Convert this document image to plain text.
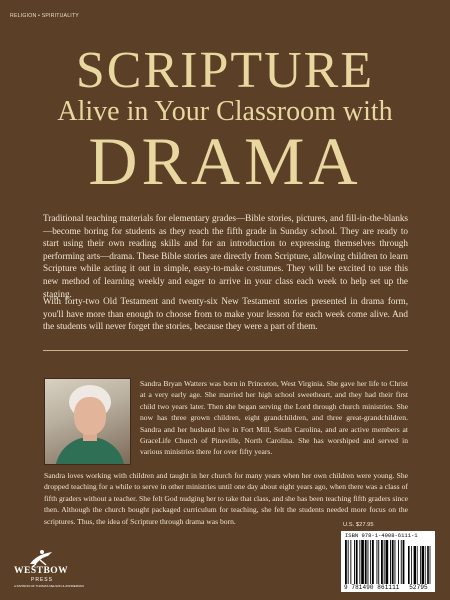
RELIGION • SPIRITUALITY
SCRIPTURE
Alive in Your Classroom with
DRAMA

Traditional teaching materials for elementary grades—Bible stories, pictures, and fill-in-the-blanks—become boring for students as they reach the fifth grade in Sunday school. They are ready to start using their own reading skills and for an introduction to expressing themselves through performing arts—drama. These Bible stories are directly from Scripture, allowing children to learn Scripture while acting it out in simple, easy-to-make costumes. They will be excited to use this new method of learning weekly and eager to arrive in your class each week to help set up the staging.

With forty-two Old Testament and twenty-six New Testament stories presented in drama form, you'll have more than enough to choose from to make your lesson for each week come alive. And the students will never forget the stories, because they were a part of them.

Sandra Bryan Watters was born in Princeton, West Virginia. She gave her life to Christ at a very early age. She married her high school sweetheart, and they had their first child two years later. Then she began serving the Lord through church ministries. She now has three grown children, eight grandchildren, and three great-grandchildren. Sandra and her husband live in Fort Mill, South Carolina, and are active members at GraceLife Church of Pineville, North Carolina. She has worshiped and served in various ministries there for over fifty years.

Sandra loves working with children and taught in her church for many years when her own children were young. She dropped teaching for a while to serve in other ministries until one day about eight years ago, when there was a class of fifth graders without a teacher. She felt God nudging her to take that class, and she has been teaching fifth graders since then. Although the church bought packaged curriculum for teaching, she felt the students needed more focus on the scriptures. Thus, the idea of Scripture through drama was born.

WESTBOW
PRESS
A DIVISION OF THOMAS NELSON & ZONDERVAN
U.S. $27.95
ISBN 978-1-4908-6111-1
9 781490 861111 52795
